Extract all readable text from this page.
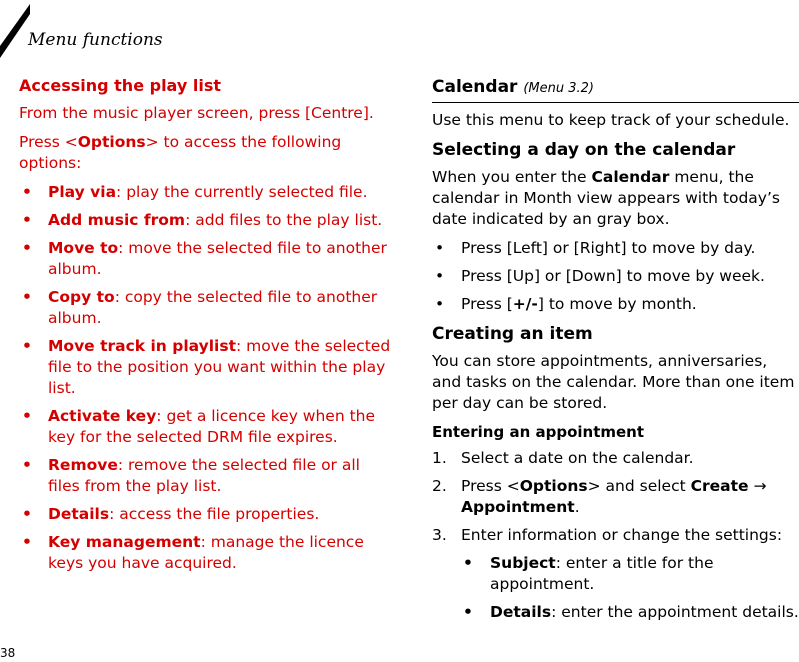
Menu functions
Accessing the play list

From the music player screen, press [Centre].

Press <Options> to access the following options:

• Play via: play the currently selected file.
• Add music from: add files to the play list.
• Move to: move the selected file to another album.
• Copy to: copy the selected file to another album.
• Move track in playlist: move the selected file to the position you want within the play list.
• Activate key: get a licence key when the key for the selected DRM file expires.
• Remove: remove the selected file or all files from the play list.
• Details: access the file properties.
• Key management: manage the licence keys you have acquired.
Calendar (Menu 3.2)

Use this menu to keep track of your schedule.

Selecting a day on the calendar

When you enter the Calendar menu, the calendar in Month view appears with today’s date indicated by an gray box.

• Press [Left] or [Right] to move by day.
• Press [Up] or [Down] to move by week.
• Press [+/-] to move by month.
Creating an item

You can store appointments, anniversaries, and tasks on the calendar. More than one item per day can be stored.

Entering an appointment
1. Select a date on the calendar.
2. Press <Options> and select Create → Appointment.
3. Enter information or change the settings:
• Subject: enter a title for the appointment.
• Details: enter the appointment details.
38
